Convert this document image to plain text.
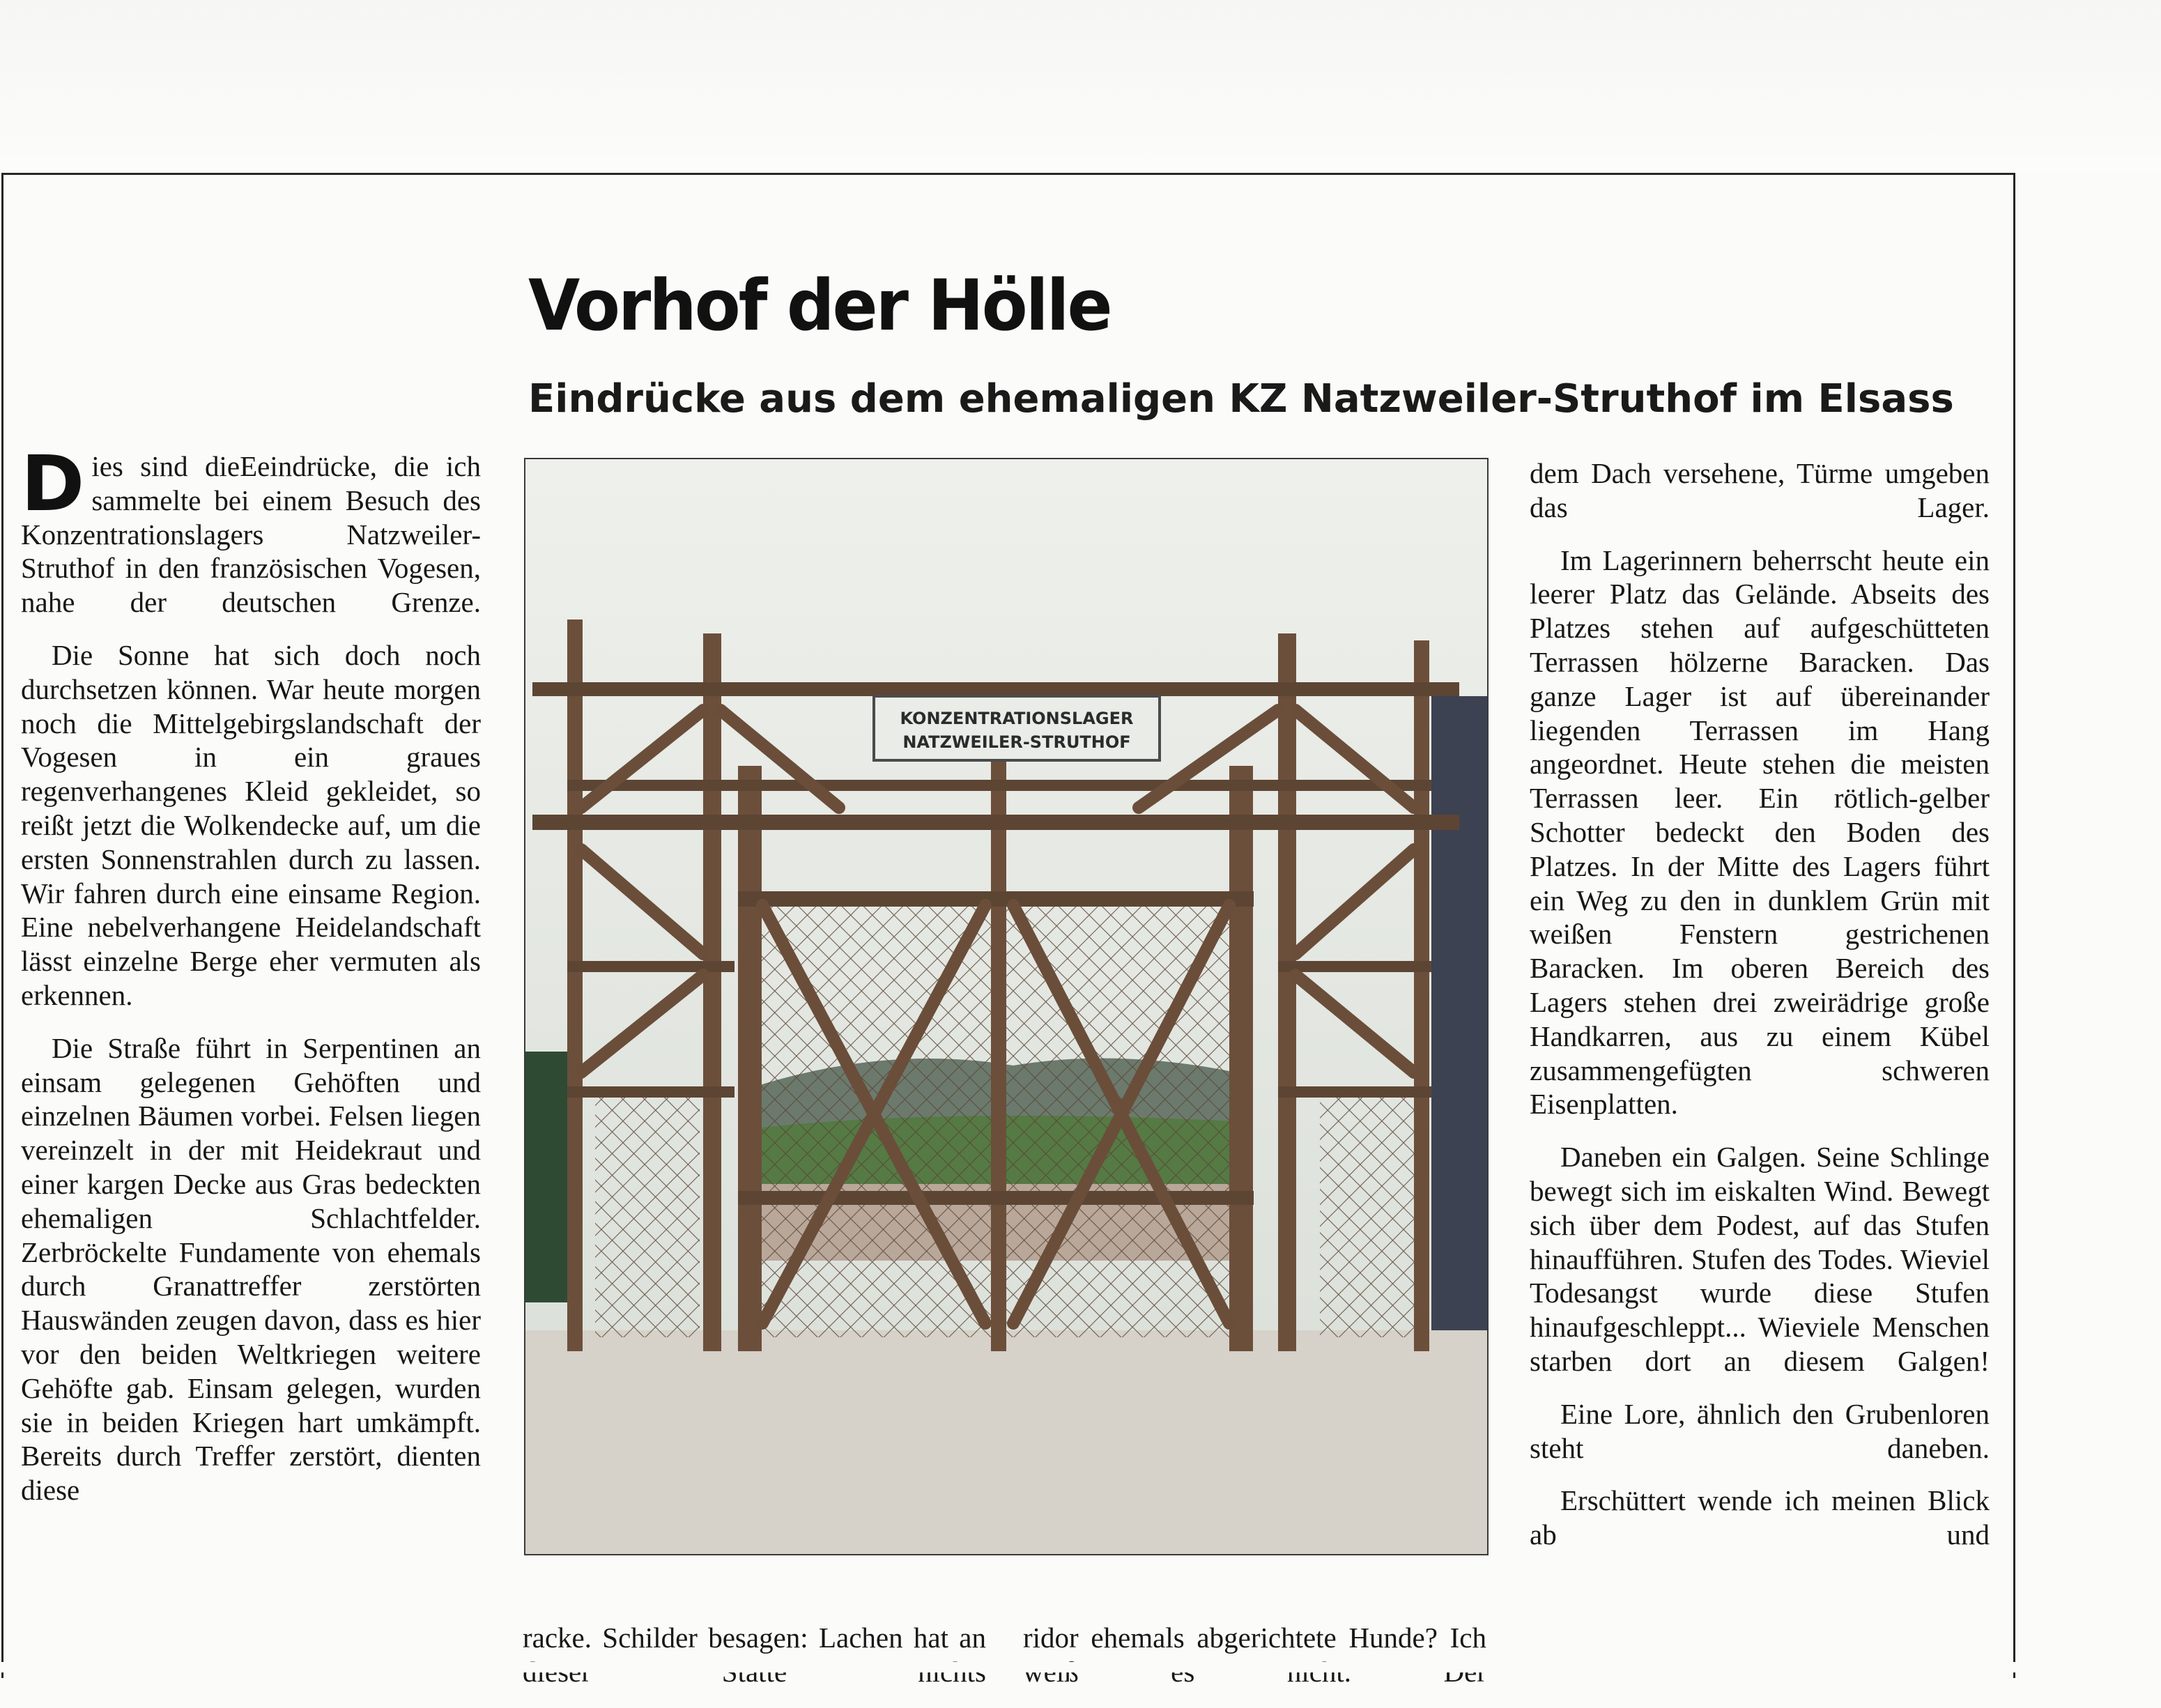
Vorhof der Hölle
Eindrücke aus dem ehemaligen KZ Natzweiler-Struthof im Elsass

Dies sind dieEeindrücke, die ich sammelte bei einem Besuch des Konzentrationslagers Natzweiler-Struthof in den französischen Vogesen, nahe der deutschen Grenze.

Die Sonne hat sich doch noch durchsetzen können. War heute morgen noch die Mittelgebirgslandschaft der Vogesen in ein graues regenverhangenes Kleid gekleidet, so reißt jetzt die Wolkendecke auf, um die ersten Sonnenstrahlen durch zu lassen. Wir fahren durch eine einsame Region. Eine nebelverhangene Heidelandschaft lässt einzelne Berge eher vermuten als erkennen.

Die Straße führt in Serpentinen an einsam gelegenen Gehöften und einzelnen Bäumen vorbei. Felsen liegen vereinzelt in der mit Heidekraut und einer kargen Decke aus Gras bedeckten ehemaligen Schlachtfelder. Zerbröckelte Fundamente von ehemals durch Granattreffer zerstörten Hauswänden zeugen davon, dass es hier vor den beiden Weltkriegen weitere Gehöfte gab. Einsam gelegen, wurden sie in beiden Kriegen hart umkämpft. Bereits durch Treffer zerstört, dienten diese

KONZENTRATIONSLAGER
NATZWEILER-STRUTHOF

racke. Schilder besagen: Lachen hat an ridor ehemals abgerichtete Hunde? Ich

dem Dach versehene, Türme umgeben das Lager.

Im Lagerinnern beherrscht heute ein leerer Platz das Gelände. Abseits des Platzes stehen auf aufgeschütteten Terrassen hölzerne Baracken. Das ganze Lager ist auf übereinander liegenden Terrassen im Hang angeordnet. Heute stehen die meisten Terrassen leer. Ein rötlich-gelber Schotter bedeckt den Boden des Platzes. In der Mitte des Lagers führt ein Weg zu den in dunklem Grün mit weißen Fenstern gestrichenen Baracken. Im oberen Bereich des Lagers stehen drei zweirädrige große Handkarren, aus zu einem Kübel zusammengefügten schweren Eisenplatten.

Daneben ein Galgen. Seine Schlinge bewegt sich im eiskalten Wind. Bewegt sich über dem Podest, auf das Stufen hinaufführen. Stufen des Todes. Wieviel Todesangst wurde diese Stufen hinaufgeschleppt... Wieviele Menschen starben dort an diesem Galgen!

Eine Lore, ähnlich den Grubenloren steht daneben.

Erschüttert wende ich meinen Blick ab und
